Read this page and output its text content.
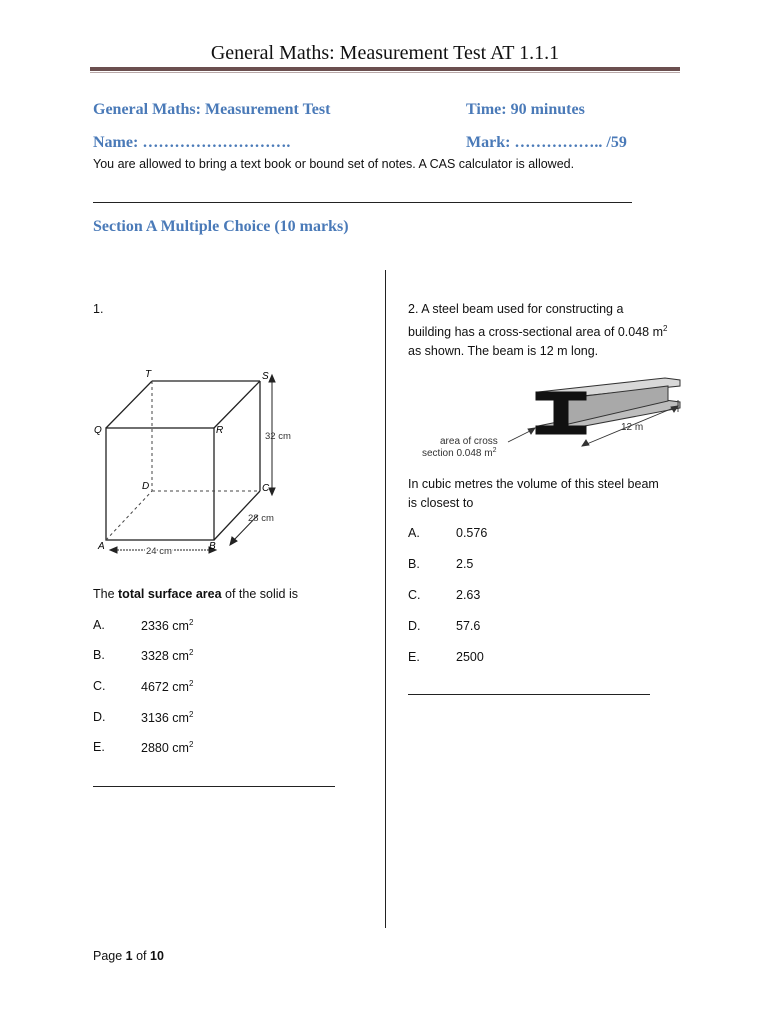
General Maths: Measurement Test AT 1.1.1
General Maths: Measurement Test	Time: 90 minutes
Name: ……………………….	Mark: …………….. /59
You are allowed to bring a text book or bound set of notes. A CAS calculator is allowed.
Section A Multiple Choice (10 marks)
1.
T	S
Q	R
D	C
A	B
32 cm
28 cm
24 cm
The total surface area of the solid is
A.	2336 $cm^2$
B.	3328 $cm^2$
C.	4672 $cm^2$
D.	3136 $cm^2$
E.	2880 $cm^2$
2. A steel beam used for constructing a
building has a cross-sectional area of 0.048 $m^2$
as shown. The beam is 12 m long.
12 m
area of cross
section 0.048 $m^2$
In cubic metres the volume of this steel beam
is closest to
A.	0.576
B.	2.5
C.	2.63
D.	57.6
E.	2500
Page 1 of 10
